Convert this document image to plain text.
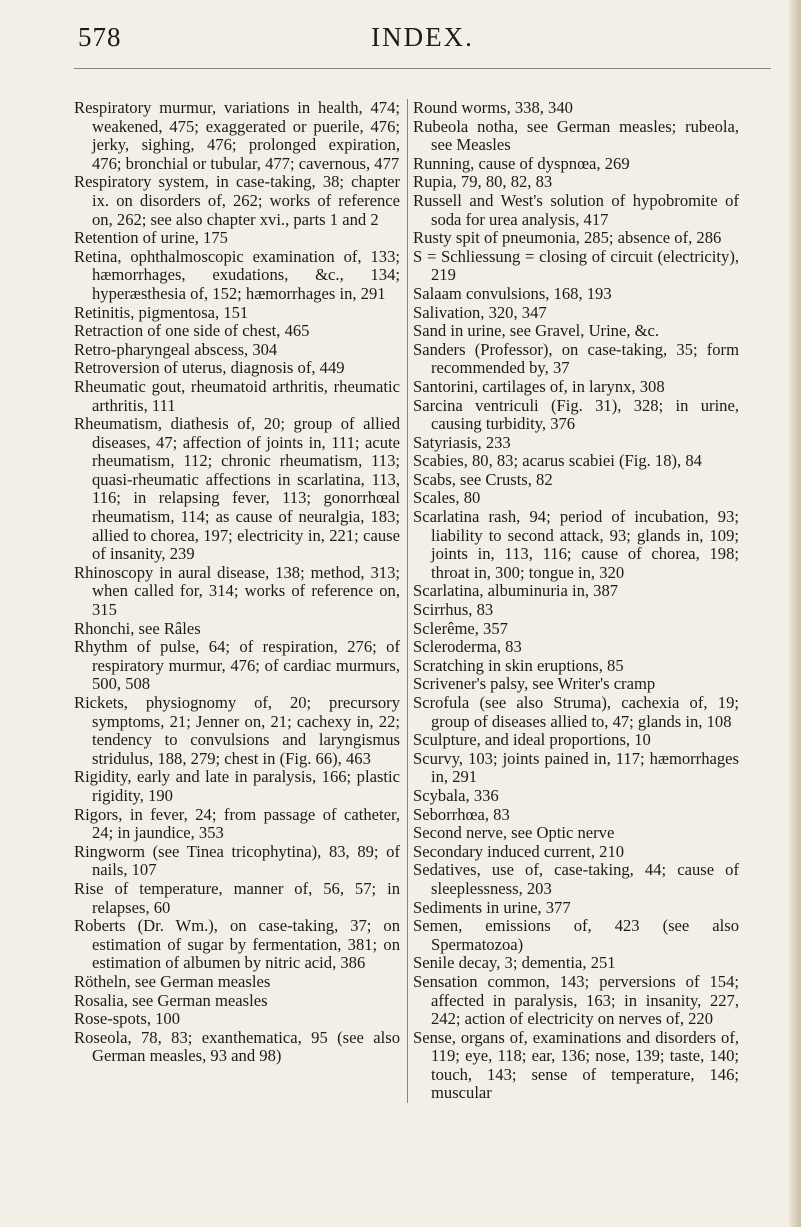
578	INDEX.

Respiratory murmur, variations in health, 474; weakened, 475; exaggerated or puerile, 476; jerky, sighing, 476; prolonged expiration, 476; bronchial or tubular, 477; cavernous, 477

Respiratory system, in case-taking, 38; chapter ix. on disorders of, 262; works of reference on, 262; see also chapter xvi., parts 1 and 2

Retention of urine, 175

Retina, ophthalmoscopic examination of, 133; hæmorrhages, exudations, &c., 134; hyperæsthesia of, 152; hæmorrhages in, 291

Retinitis, pigmentosa, 151

Retraction of one side of chest, 465

Retro-pharyngeal abscess, 304

Retroversion of uterus, diagnosis of, 449

Rheumatic gout, rheumatoid arthritis, rheumatic arthritis, 111

Rheumatism, diathesis of, 20; group of allied diseases, 47; affection of joints in, 111; acute rheumatism, 112; chronic rheumatism, 113; quasi-rheumatic affections in scarlatina, 113, 116; in relapsing fever, 113; gonorrhœal rheumatism, 114; as cause of neuralgia, 183; allied to chorea, 197; electricity in, 221; cause of insanity, 239

Rhinoscopy in aural disease, 138; method, 313; when called for, 314; works of reference on, 315

Rhonchi, see Râles

Rhythm of pulse, 64; of respiration, 276; of respiratory murmur, 476; of cardiac murmurs, 500, 508

Rickets, physiognomy of, 20; precursory symptoms, 21; Jenner on, 21; cachexy in, 22; tendency to convulsions and laryngismus stridulus, 188, 279; chest in (Fig. 66), 463

Rigidity, early and late in paralysis, 166; plastic rigidity, 190

Rigors, in fever, 24; from passage of catheter, 24; in jaundice, 353

Ringworm (see Tinea tricophytina), 83, 89; of nails, 107

Rise of temperature, manner of, 56, 57; in relapses, 60

Roberts (Dr. Wm.), on case-taking, 37; on estimation of sugar by fermentation, 381; on estimation of albumen by nitric acid, 386

Rötheln, see German measles

Rosalia, see German measles

Rose-spots, 100

Roseola, 78, 83; exanthematica, 95 (see also German measles, 93 and 98)

Round worms, 338, 340

Rubeola notha, see German measles; rubeola, see Measles

Running, cause of dyspnœa, 269

Rupia, 79, 80, 82, 83

Russell and West's solution of hypobromite of soda for urea analysis, 417

Rusty spit of pneumonia, 285; absence of, 286

S = Schliessung = closing of circuit (electricity), 219

Salaam convulsions, 168, 193

Salivation, 320, 347

Sand in urine, see Gravel, Urine, &c.

Sanders (Professor), on case-taking, 35; form recommended by, 37

Santorini, cartilages of, in larynx, 308

Sarcina ventriculi (Fig. 31), 328; in urine, causing turbidity, 376

Satyriasis, 233

Scabies, 80, 83; acarus scabiei (Fig. 18), 84

Scabs, see Crusts, 82

Scales, 80

Scarlatina rash, 94; period of incubation, 93; liability to second attack, 93; glands in, 109; joints in, 113, 116; cause of chorea, 198; throat in, 300; tongue in, 320

Scarlatina, albuminuria in, 387

Scirrhus, 83

Sclerême, 357

Scleroderma, 83

Scratching in skin eruptions, 85

Scrivener's palsy, see Writer's cramp

Scrofula (see also Struma), cachexia of, 19; group of diseases allied to, 47; glands in, 108

Sculpture, and ideal proportions, 10

Scurvy, 103; joints pained in, 117; hæmorrhages in, 291

Scybala, 336

Seborrhœa, 83

Second nerve, see Optic nerve

Secondary induced current, 210

Sedatives, use of, case-taking, 44; cause of sleeplessness, 203

Sediments in urine, 377

Semen, emissions of, 423 (see also Spermatozoa)

Senile decay, 3; dementia, 251

Sensation common, 143; perversions of 154; affected in paralysis, 163; in insanity, 227, 242; action of electricity on nerves of, 220

Sense, organs of, examinations and disorders of, 119; eye, 118; ear, 136; nose, 139; taste, 140; touch, 143; sense of temperature, 146; muscular
